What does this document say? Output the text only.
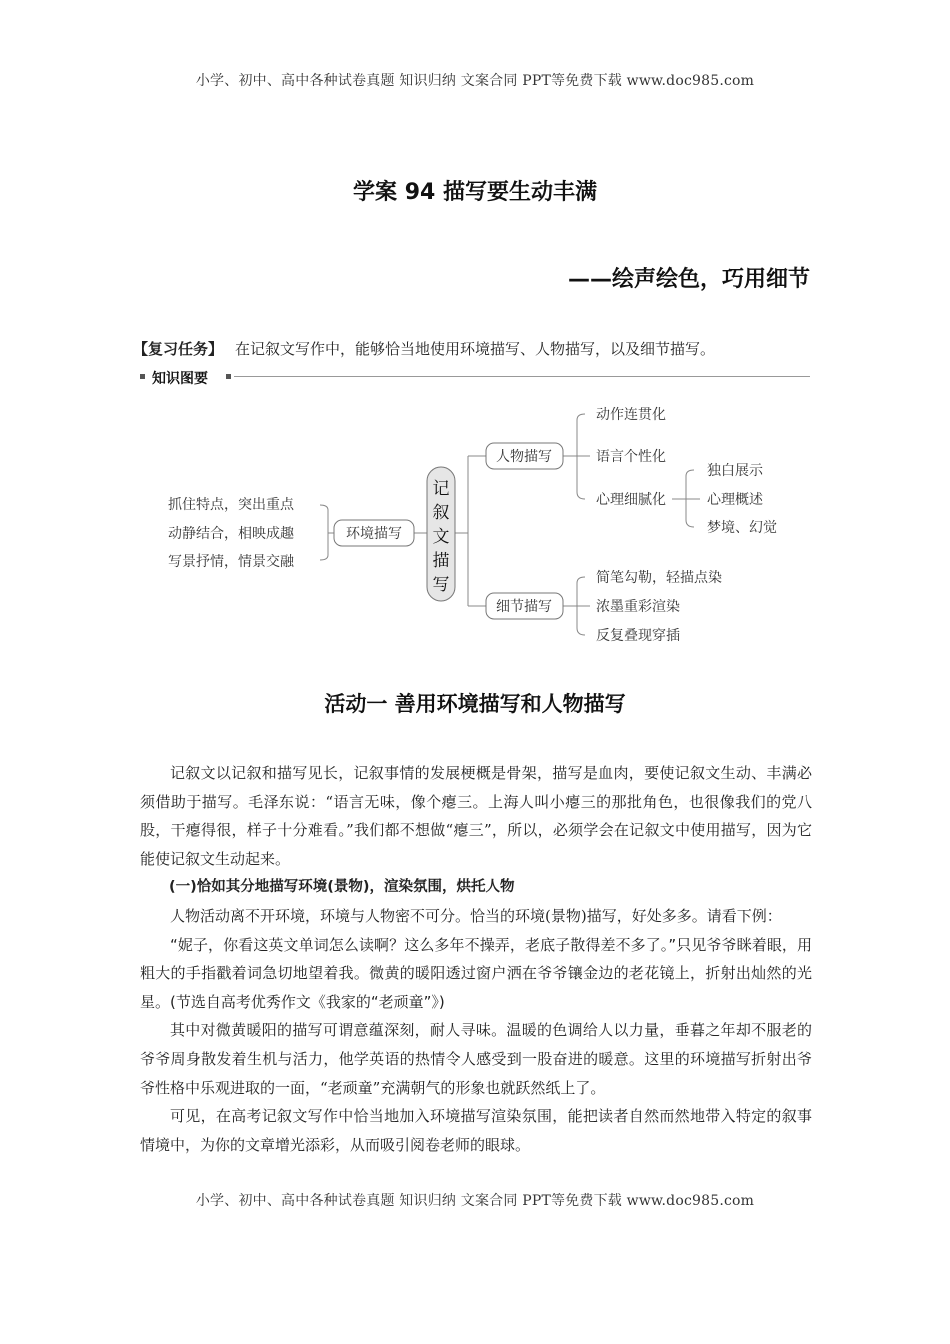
小学、初中、高中各种试卷真题 知识归纳 文案合同 PPT等免费下载 www.doc985.com
学案 94 描写要生动丰满
——绘声绘色，巧用细节
【复习任务】 在记叙文写作中，能够恰当地使用环境描写、人物描写，以及细节描写。
知识图要
抓住特点，突出重点
动静结合，相映成趣
写景抒情，情景交融
环境描写
记
叙
文
描
写
人物描写
动作连贯化
语言个性化
心理细腻化
独白展示
心理概述
梦境、幻觉
细节描写
简笔勾勒，轻描点染
浓墨重彩渲染
反复叠现穿插
活动一 善用环境描写和人物描写

记叙文以记叙和描写见长，记叙事情的发展梗概是骨架，描写是血肉，要使记叙文生动、丰满必须借助于描写。毛泽东说：“语言无味，像个瘪三。上海人叫小瘪三的那批角色，也很像我们的党八股，干瘪得很，样子十分难看。”我们都不想做“瘪三”，所以，必须学会在记叙文中使用描写，因为它能使记叙文生动起来。

(一)恰如其分地描写环境(景物)，渲染氛围，烘托人物

人物活动离不开环境，环境与人物密不可分。恰当的环境(景物)描写，好处多多。请看下例：

“妮子，你看这英文单词怎么读啊？这么多年不操弄，老底子散得差不多了。”只见爷爷眯着眼，用粗大的手指戳着词急切地望着我。微黄的暖阳透过窗户洒在爷爷镶金边的老花镜上，折射出灿然的光星。(节选自高考优秀作文《我家的“老顽童”》)

其中对微黄暖阳的描写可谓意蕴深刻，耐人寻味。温暖的色调给人以力量，垂暮之年却不服老的爷爷周身散发着生机与活力，他学英语的热情令人感受到一股奋进的暖意。这里的环境描写折射出爷爷性格中乐观进取的一面，“老顽童”充满朝气的形象也就跃然纸上了。

可见，在高考记叙文写作中恰当地加入环境描写渲染氛围，能把读者自然而然地带入特定的叙事情境中，为你的文章增光添彩，从而吸引阅卷老师的眼球。

小学、初中、高中各种试卷真题 知识归纳 文案合同 PPT等免费下载 www.doc985.com
